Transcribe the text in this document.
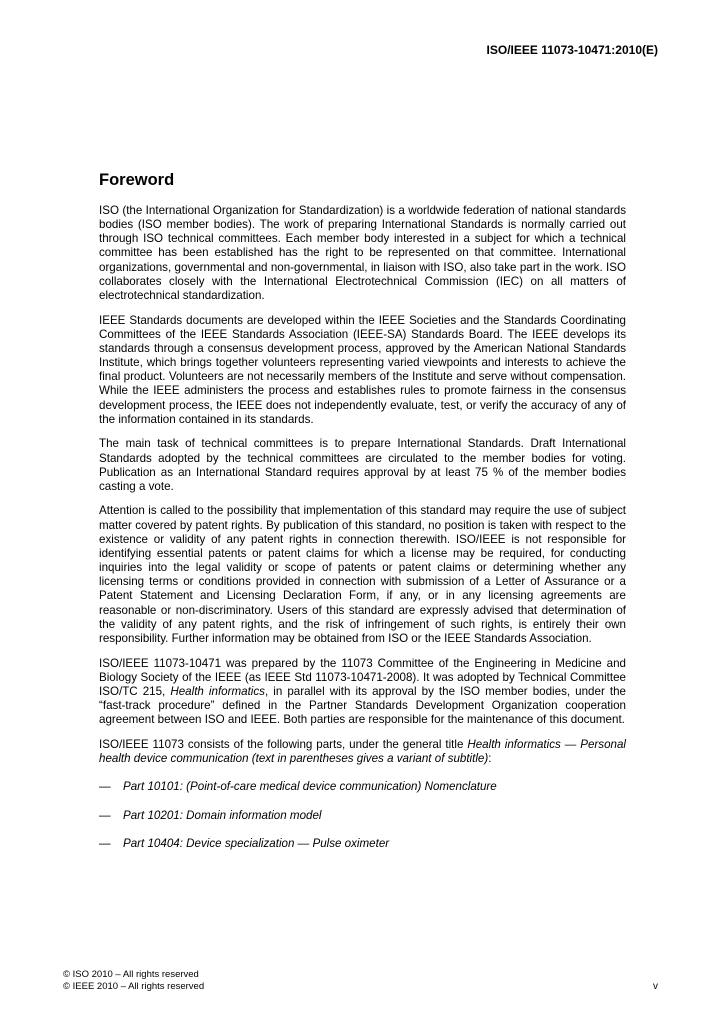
ISO/IEEE 11073-10471:2010(E)
Foreword

ISO (the International Organization for Standardization) is a worldwide federation of national standards bodies (ISO member bodies). The work of preparing International Standards is normally carried out through ISO technical committees. Each member body interested in a subject for which a technical committee has been established has the right to be represented on that committee. International organizations, governmental and non-governmental, in liaison with ISO, also take part in the work. ISO collaborates closely with the International Electrotechnical Commission (IEC) on all matters of electrotechnical standardization.

IEEE Standards documents are developed within the IEEE Societies and the Standards Coordinating Committees of the IEEE Standards Association (IEEE-SA) Standards Board. The IEEE develops its standards through a consensus development process, approved by the American National Standards Institute, which brings together volunteers representing varied viewpoints and interests to achieve the final product. Volunteers are not necessarily members of the Institute and serve without compensation. While the IEEE administers the process and establishes rules to promote fairness in the consensus development process, the IEEE does not independently evaluate, test, or verify the accuracy of any of the information contained in its standards.

The main task of technical committees is to prepare International Standards. Draft International Standards adopted by the technical committees are circulated to the member bodies for voting. Publication as an International Standard requires approval by at least 75 % of the member bodies casting a vote.

Attention is called to the possibility that implementation of this standard may require the use of subject matter covered by patent rights. By publication of this standard, no position is taken with respect to the existence or validity of any patent rights in connection therewith. ISO/IEEE is not responsible for identifying essential patents or patent claims for which a license may be required, for conducting inquiries into the legal validity or scope of patents or patent claims or determining whether any licensing terms or conditions provided in connection with submission of a Letter of Assurance or a Patent Statement and Licensing Declaration Form, if any, or in any licensing agreements are reasonable or non-discriminatory. Users of this standard are expressly advised that determination of the validity of any patent rights, and the risk of infringement of such rights, is entirely their own responsibility. Further information may be obtained from ISO or the IEEE Standards Association.

ISO/IEEE 11073-10471 was prepared by the 11073 Committee of the Engineering in Medicine and Biology Society of the IEEE (as IEEE Std 11073-10471-2008). It was adopted by Technical Committee ISO/TC 215, Health informatics, in parallel with its approval by the ISO member bodies, under the “fast-track procedure” defined in the Partner Standards Development Organization cooperation agreement between ISO and IEEE. Both parties are responsible for the maintenance of this document.

ISO/IEEE 11073 consists of the following parts, under the general title Health informatics — Personal health device communication (text in parentheses gives a variant of subtitle):

— Part 10101: (Point-of-care medical device communication) Nomenclature
— Part 10201: Domain information model
— Part 10404: Device specialization — Pulse oximeter
© ISO 2010 – All rights reserved
© IEEE 2010 – All rights reserved	v
